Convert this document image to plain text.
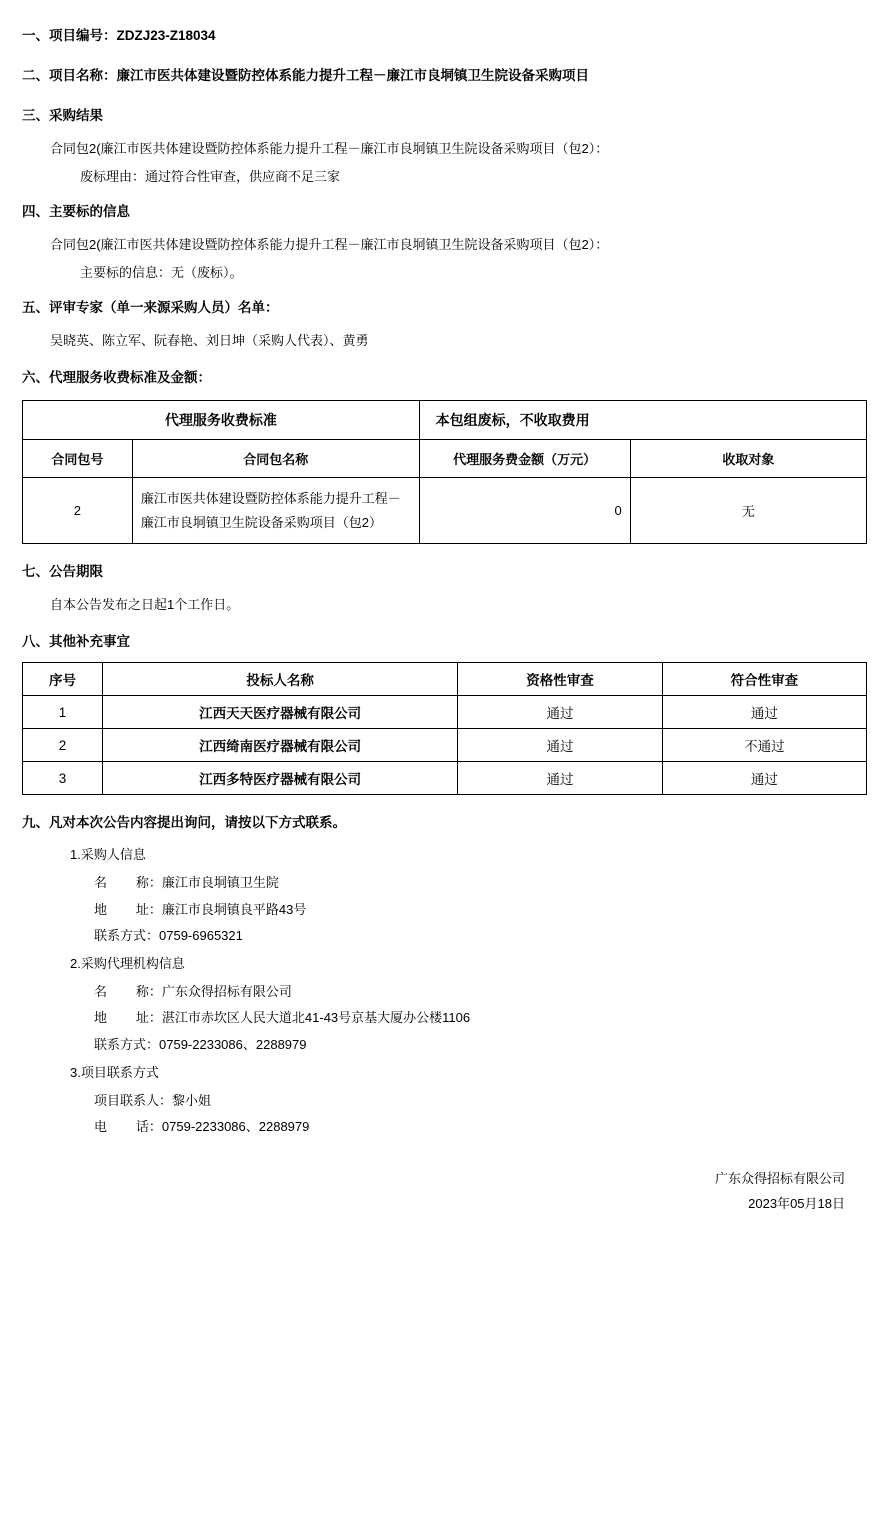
一、项目编号：ZDZJ23-Z18034
二、项目名称：廉江市医共体建设暨防控体系能力提升工程－廉江市良垌镇卫生院设备采购项目
三、采购结果
合同包2(廉江市医共体建设暨防控体系能力提升工程－廉江市良垌镇卫生院设备采购项目（包2）：
废标理由：通过符合性审查，供应商不足三家
四、主要标的信息
合同包2(廉江市医共体建设暨防控体系能力提升工程－廉江市良垌镇卫生院设备采购项目（包2）：
主要标的信息：无（废标）。
五、评审专家（单一来源采购人员）名单：
吴晓英、陈立军、阮春艳、刘日坤（采购人代表）、黄勇
六、代理服务收费标准及金额：
代理服务收费标准		本包组废标，不收取费用	
合同包号	合同包名称	代理服务费金额（万元）	收取对象
2	廉江市医共体建设暨防控体系能力提升工程－廉江市良垌镇卫生院设备采购项目（包2）	0	无
七、公告期限
自本公告发布之日起1个工作日。
八、其他补充事宜
序号	投标人名称	资格性审查	符合性审查
1	江西天天医疗器械有限公司	通过	通过
2	江西绮南医疗器械有限公司	通过	不通过
3	江西多特医疗器械有限公司	通过	通过
九、凡对本次公告内容提出询问，请按以下方式联系。
1.采购人信息
名        称：廉江市良垌镇卫生院
地        址：廉江市良垌镇良平路43号
联系方式：0759-6965321
2.采购代理机构信息
名        称：广东众得招标有限公司
地        址：湛江市赤坎区人民大道北41-43号京基大厦办公楼1106
联系方式：0759-2233086、2288979
3.项目联系方式
项目联系人：黎小姐
电        话：0759-2233086、2288979
广东众得招标有限公司
2023年05月18日
